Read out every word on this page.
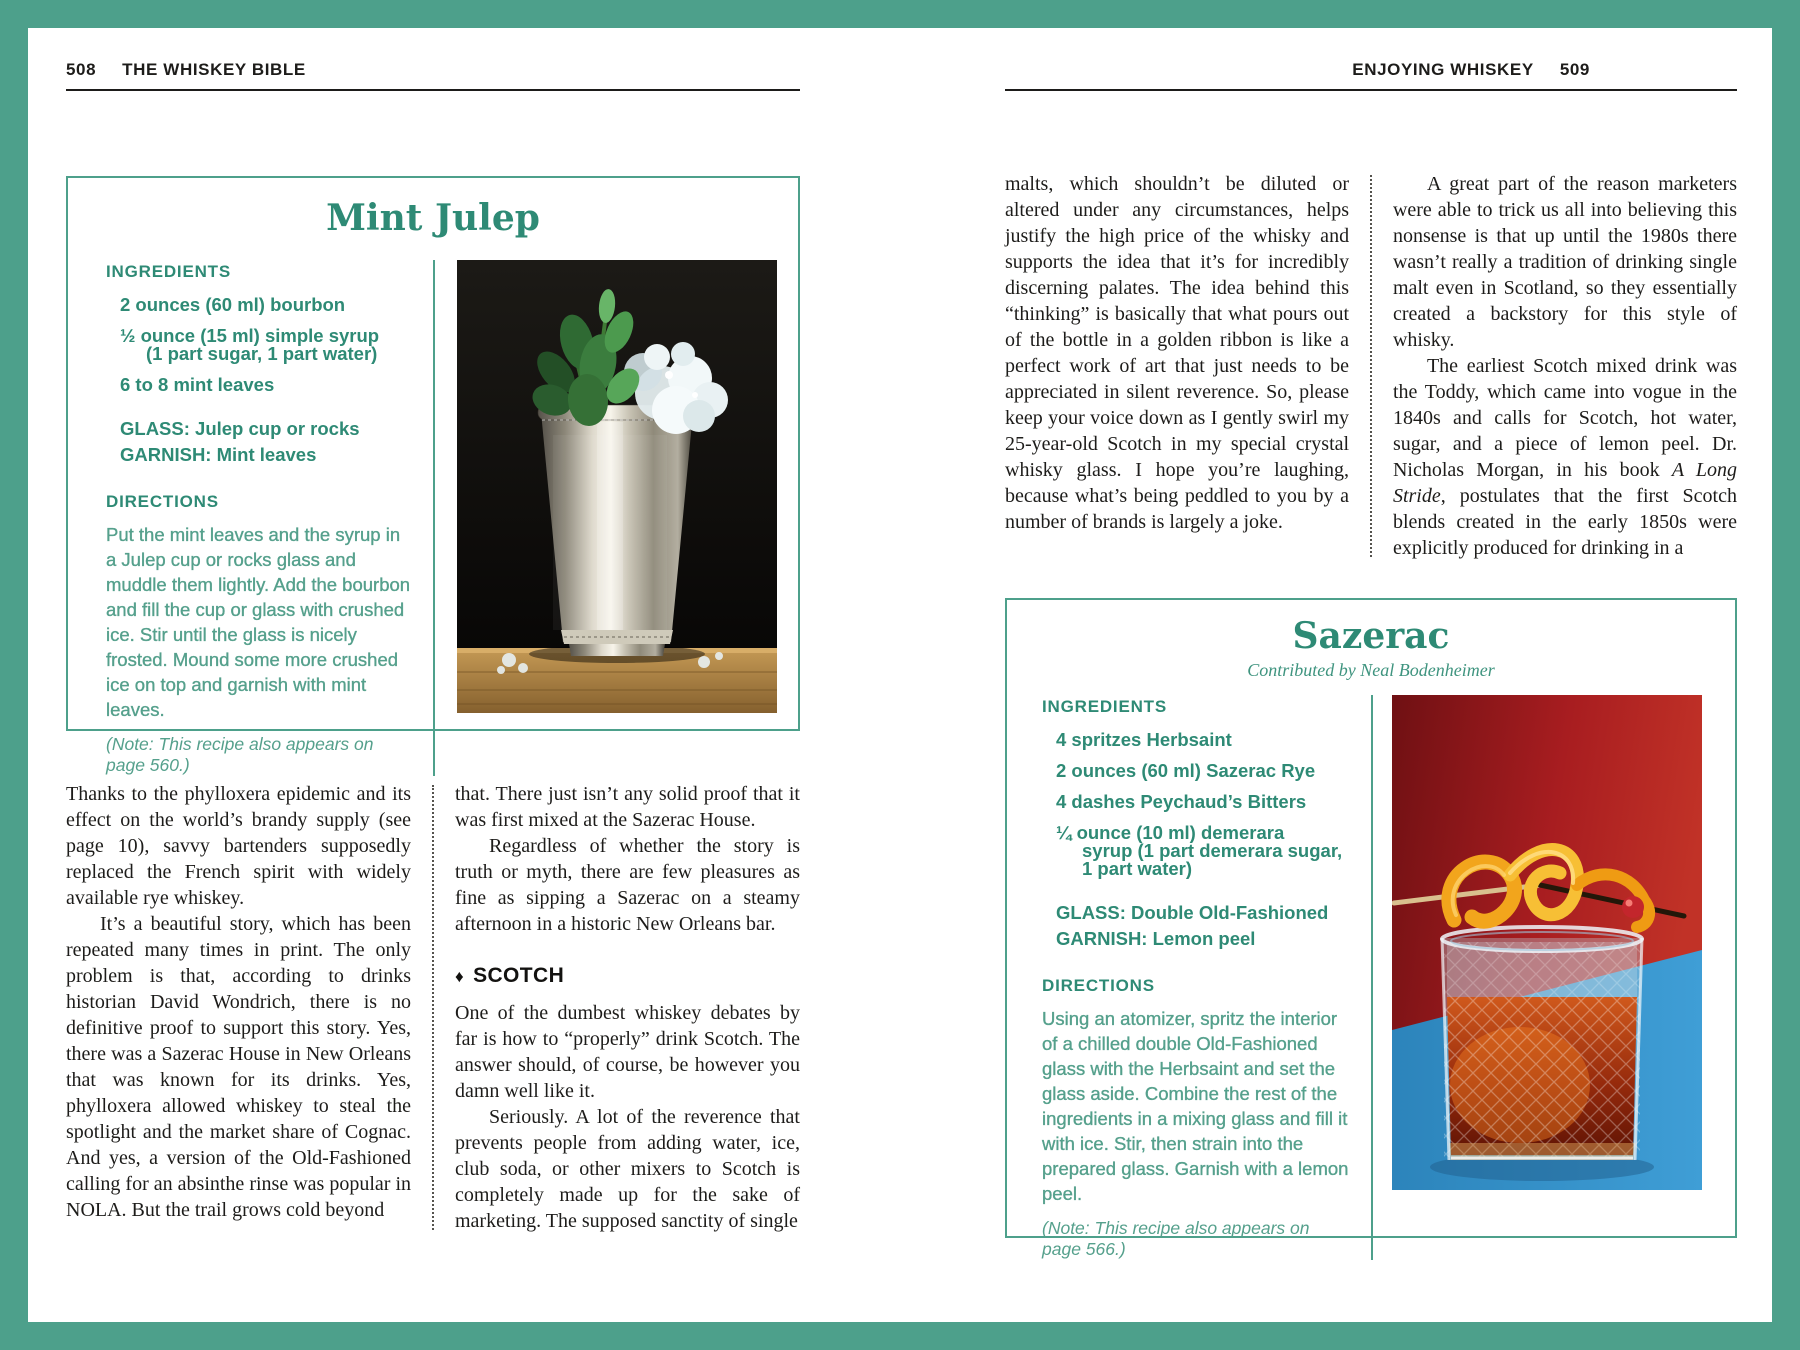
508 THE WHISKEY BIBLE
Mint Julep
INGREDIENTS
2 ounces (60 ml) bourbon
½ ounce (15 ml) simple syrup
(1 part sugar, 1 part water)
6 to 8 mint leaves
GLASS: Julep cup or rocks
GARNISH: Mint leaves
DIRECTIONS
Put the mint leaves and the syrup in a Julep cup or rocks glass and muddle them lightly. Add the bourbon and fill the cup or glass with crushed ice. Stir until the glass is nicely frosted. Mound some more crushed ice on top and garnish with mint leaves.
(Note: This recipe also appears on page 560.)

Thanks to the phylloxera epidemic and its effect on the world’s brandy supply (see page 10), savvy bartenders supposedly replaced the French spirit with widely available rye whiskey.

It’s a beautiful story, which has been repeated many times in print. The only problem is that, according to drinks historian David Wondrich, there is no definitive proof to support this story. Yes, there was a Sazerac House in New Orleans that was known for its drinks. Yes, phylloxera allowed whiskey to steal the spotlight and the market share of Cognac. And yes, a version of the Old-Fashioned calling for an absinthe rinse was popular in NOLA. But the trail grows cold beyond

that. There just isn’t any solid proof that it was first mixed at the Sazerac House.

Regardless of whether the story is truth or myth, there are few pleasures as fine as sipping a Sazerac on a steamy afternoon in a historic New Orleans bar.

♦ SCOTCH

One of the dumbest whiskey debates by far is how to “properly” drink Scotch. The answer should, of course, be however you damn well like it.

Seriously. A lot of the reverence that prevents people from adding water, ice, club soda, or other mixers to Scotch is completely made up for the sake of marketing. The supposed sanctity of single

ENJOYING WHISKEY 509

malts, which shouldn’t be diluted or altered under any circumstances, helps justify the high price of the whisky and supports the idea that it’s for incredibly discerning palates. The idea behind this “thinking” is basically that what pours out of the bottle in a golden ribbon is like a perfect work of art that just needs to be appreciated in silent reverence. So, please keep your voice down as I gently swirl my 25-year-old Scotch in my special crystal whisky glass. I hope you’re laughing, because what’s being peddled to you by a number of brands is largely a joke.

A great part of the reason marketers were able to trick us all into believing this nonsense is that up until the 1980s there wasn’t really a tradition of drinking single malt even in Scotland, so they essentially created a backstory for this style of whisky.

The earliest Scotch mixed drink was the Toddy, which came into vogue in the 1840s and calls for Scotch, hot water, sugar, and a piece of lemon peel. Dr. Nicholas Morgan, in his book A Long Stride, postulates that the first Scotch blends created in the early 1850s were explicitly produced for drinking in a

Sazerac
Contributed by Neal Bodenheimer
INGREDIENTS
4 spritzes Herbsaint
2 ounces (60 ml) Sazerac Rye
4 dashes Peychaud’s Bitters
¼ ounce (10 ml) demerara
syrup (1 part demerara sugar,
1 part water)
GLASS: Double Old-Fashioned
GARNISH: Lemon peel
DIRECTIONS
Using an atomizer, spritz the interior of a chilled double Old-Fashioned glass with the Herbsaint and set the glass aside. Combine the rest of the ingredients in a mixing glass and fill it with ice. Stir, then strain into the prepared glass. Garnish with a lemon peel.
(Note: This recipe also appears on page 566.)
